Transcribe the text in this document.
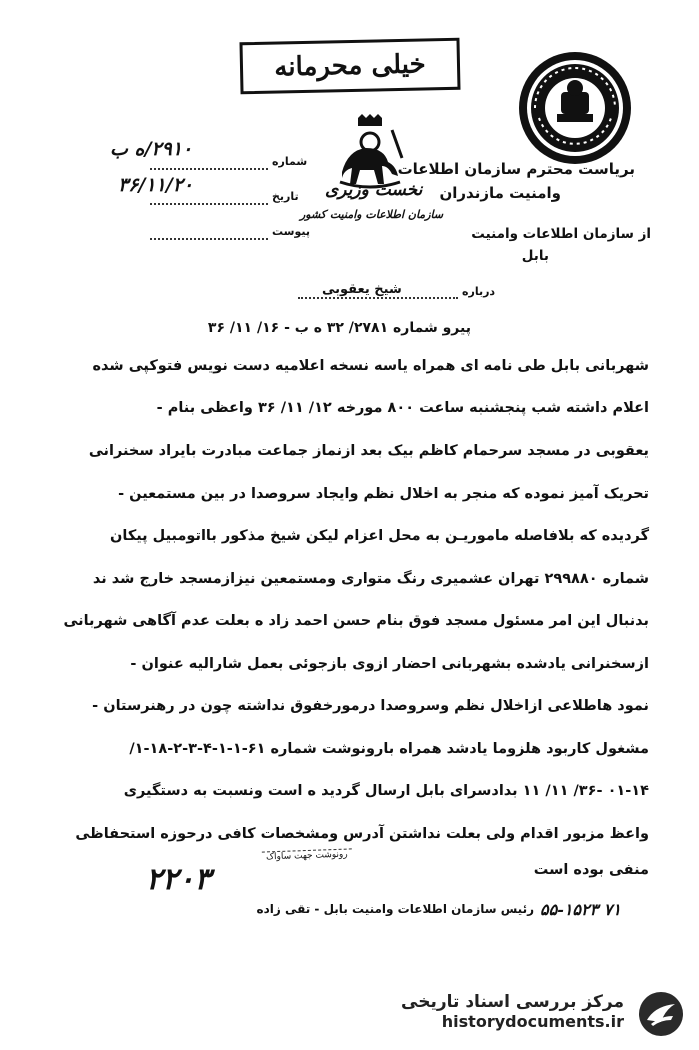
خیلی محرمانه
بریاست محترم سازمان اطلاعات
وامنیت مازندران
از سازمان اطلاعات وامنیت
بابل
نخست وزیری
سازمان اطلاعات وامنیت کشور
شماره
۲۹۱۰/ه ب
تاریخ
۳۶/۱۱/۲۰
پیوست
درباره
شیخ یعقوبی
پیرو شماره ۲۷۸۱/ ۳۲ ه ب - ۱۶/ ۱۱/ ۳۶
شهربانی بابل طی نامه ای همراه یاسه نسخه اعلامیه دست نویس فتوکپی شده
اعلام داشته شب پنجشنبه ساعت ۸۰۰ مورخه ۱۲/ ۱۱/ ۳۶ واعظی بنام -
یعقوبی در مسجد سرحمام کاظم بیک بعد ازنماز جماعت مبادرت بایراد سخنرانی
تحریک آمیز نموده که منجر به اخلال نظم وایجاد سروصدا در بین مستمعین -
گردیده که بلافاصله ماموریـن به محل اعزام لیکن شیخ مذکور بااتومبیل پیکان
شماره ۲۹۹۸۸۰ تهران عشمیری رنگ متواری ومستمعین نیزازمسجد خارج شد ند
بدنبال این امر مسئول مسجد فوق بنام حسن احمد زاد ه بعلت عدم آگاهی شهربانی
ازسخنرانی یادشده بشهربانی احضار ازوی بازجوئی بعمل شارالیه عنوان -
نمود هاطلاعی ازاخلال نظم وسروصدا درمورخفوق نداشته چون در رهنرستان -
مشغول کاربود هلزوما یادشد همراه بارونوشت شماره ۶۱-۱-۱-۴-۳-۲-۱۸-۱/
۰۱-۱۴ -۳۶/ ۱۱/ ۱۱ بدادسرای بابل ارسال گردید ه است ونسبت به دستگیری
واعظ مزبور اقدام ولی بعلت نداشتن آدرس ومشخصات کافی درحوزه استحفاظی
منفی بوده است
رونوشت جهت ساواک
۲۲۰۳
رئیس سازمان اطلاعات وامنیت بابل - تقی زاده ۵۵-۱۵۲۳ ۷۱
مرکز بررسی اسناد تاریخی
historydocuments.ir
